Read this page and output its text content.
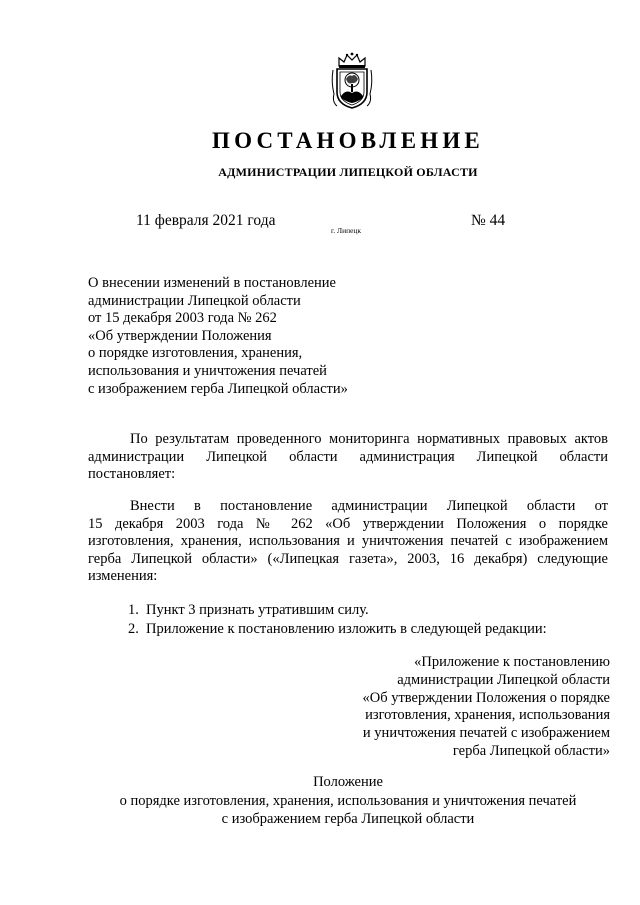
ПОСТАНОВЛЕНИЕ
АДМИНИСТРАЦИИ ЛИПЕЦКОЙ ОБЛАСТИ
11 февраля 2021 года
г. Липецк
№ 44
О внесении изменений в постановление
администрации Липецкой области
от 15 декабря 2003 года № 262
«Об утверждении Положения
о порядке изготовления, хранения,
использования и уничтожения печатей
с изображением герба Липецкой области»
По результатам проведенного мониторинга нормативных правовых актов
администрации Липецкой области администрация Липецкой области
постановляет:
Внести в постановление администрации Липецкой области от
15 декабря 2003 года № 262 «Об утверждении Положения о порядке
изготовления, хранения, использования и уничтожения печатей с изображением
герба Липецкой области» («Липецкая газета», 2003, 16 декабря) следующие
изменения:
1. Пункт 3 признать утратившим силу.
2. Приложение к постановлению изложить в следующей редакции:
«Приложение к постановлению
администрации Липецкой области
«Об утверждении Положения о порядке
изготовления, хранения, использования
и уничтожения печатей с изображением
герба Липецкой области»
Положение
о порядке изготовления, хранения, использования и уничтожения печатей
с изображением герба Липецкой области
